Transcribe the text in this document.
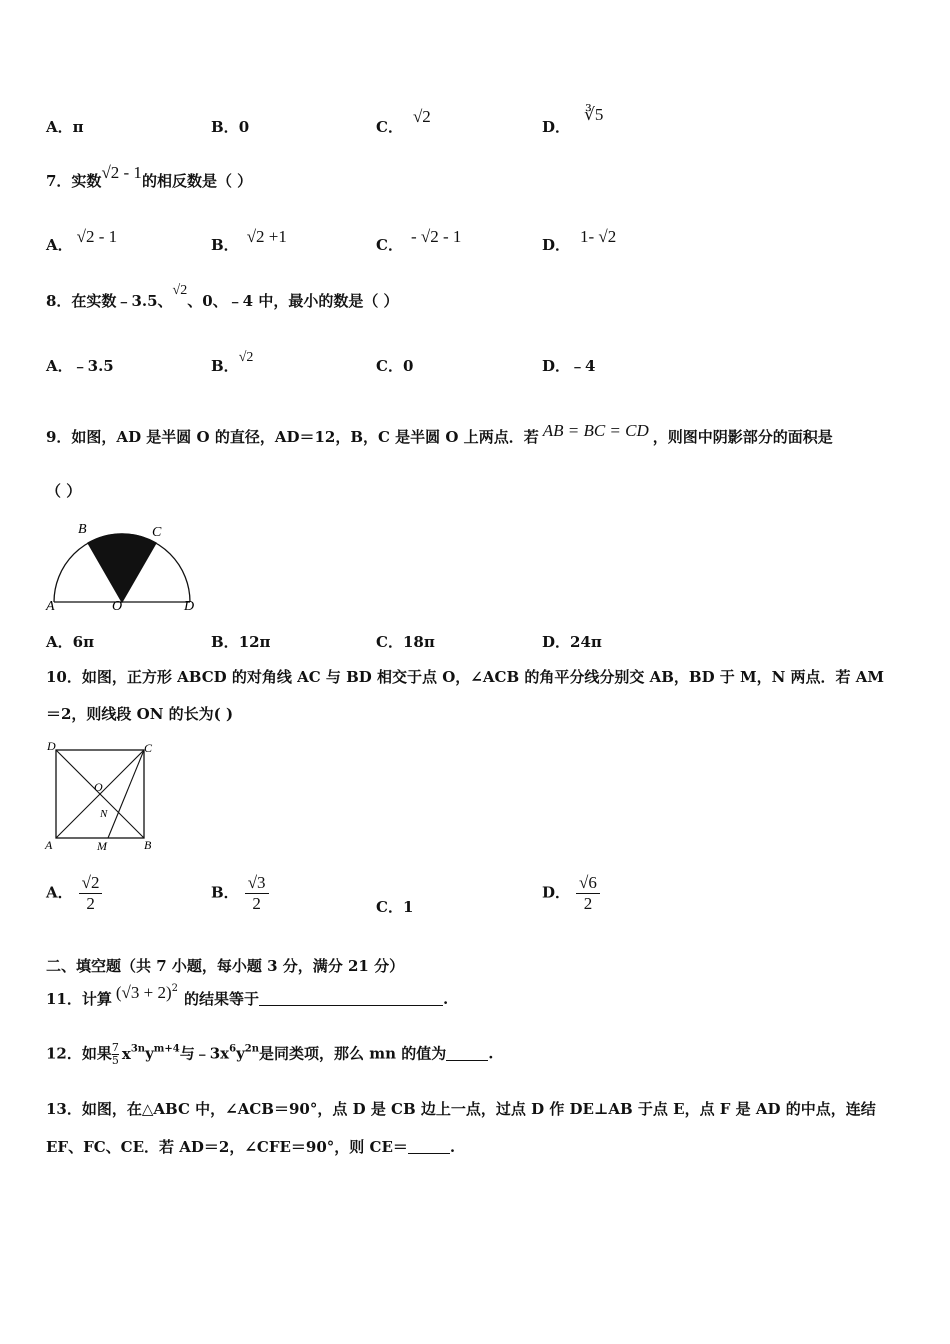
A．π	B．0	C．√2
D．∛5
7．实数√2 - 1的相反数是（ ）
A． √2 - 1	B． √2 +1	C． - √2 - 1	D． 1- √2
8．在实数﹣3.5、√2、0、﹣4 中，最小的数是（ ）
A．﹣3.5	B．√2	C．0	D．﹣4
9．如图，AD 是半圆 O 的直径，AD＝12，B，C 是半圆 O 上两点．若 AB = BC = CD ，则图中阴影部分的面积是
（ ）
B	C
A	O	D
A．6π	B．12π	C．18π	D．24π
10．如图，正方形 ABCD 的对角线 AC 与 BD 相交于点 O，∠ACB 的角平分线分别交 AB，BD 于 M，N 两点．若 AM
＝2，则线段 ON 的长为( )
D	C
O
N
A	M	B
A． $\frac{√2}{2}$	B． $\frac{√3}{2}$	C．1
D． $\frac{√6}{2}$
二、填空题（共 7 小题，每小题 3 分，满分 21 分）
11．计算 $(√3 + 2)^2$的结果等于	.
12．如果 $\frac{7}{5} x^{3n}y^{m+4}$与$﹣3x^6y^{2n}$是同类项，那么 mn 的值为	.
13．如图，在△ABC 中，∠ACB＝90°，点 D 是 CB 边上一点，过点 D 作 DE⊥AB 于点 E，点 F 是 AD 的中点，连结
EF、FC、CE．若 AD＝2，∠CFE＝90°，则 CE＝	.
